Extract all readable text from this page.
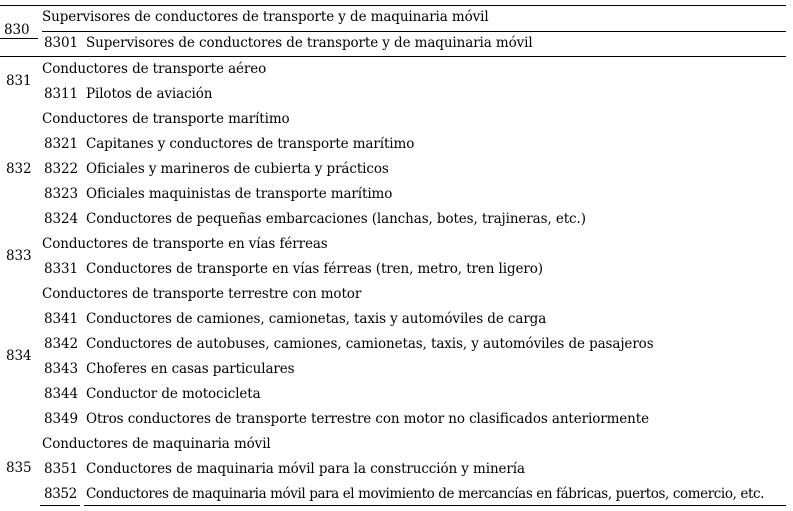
830
Supervisores de conductores de transporte y de maquinaria móvil
8301 Supervisores de conductores de transporte y de maquinaria móvil
831
Conductores de transporte aéreo
8311 Pilotos de aviación
832
Conductores de transporte marítimo
8321 Capitanes y conductores de transporte marítimo
8322 Oficiales y marineros de cubierta y prácticos
8323 Oficiales maquinistas de transporte marítimo
8324 Conductores de pequeñas embarcaciones (lanchas, botes, trajineras, etc.)
833
Conductores de transporte en vías férreas
8331 Conductores de transporte en vías férreas (tren, metro, tren ligero)
834
Conductores de transporte terrestre con motor
8341 Conductores de camiones, camionetas, taxis y automóviles de carga
8342 Conductores de autobuses, camiones, camionetas, taxis, y automóviles de pasajeros
8343 Choferes en casas particulares
8344 Conductor de motocicleta
8349 Otros conductores de transporte terrestre con motor no clasificados anteriormente
835
Conductores de maquinaria móvil
8351 Conductores de maquinaria móvil para la construcción y minería
8352 Conductores de maquinaria móvil para el movimiento de mercancías en fábricas, puertos, comercio, etc.
